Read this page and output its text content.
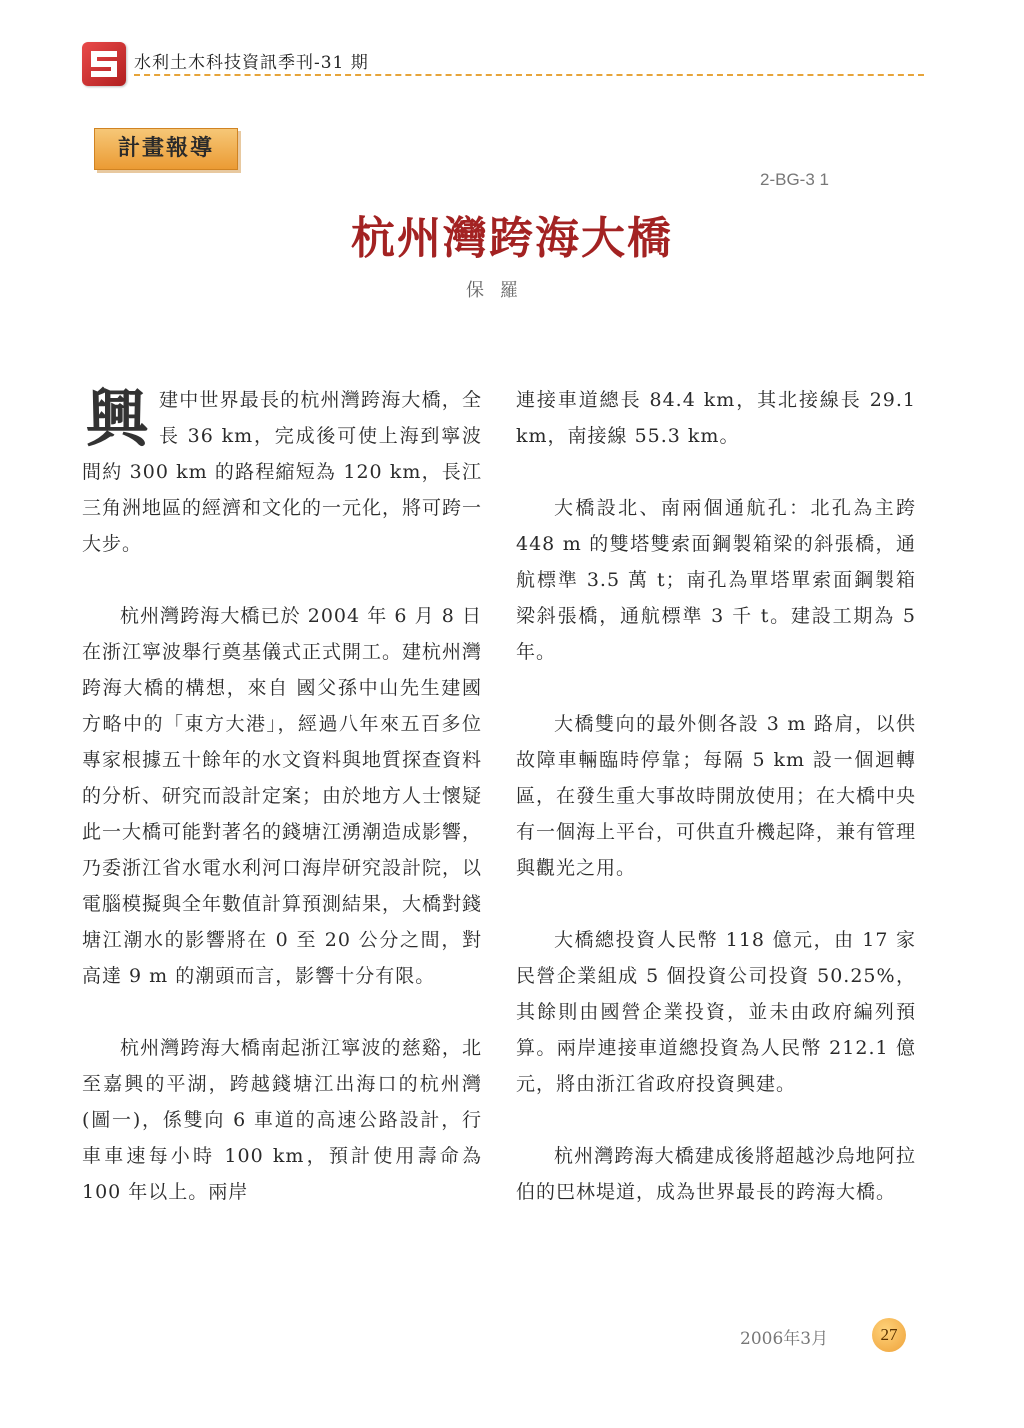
水利土木科技資訊季刊-31 期
計畫報導
2-BG-3 1
杭州灣跨海大橋
保羅

興 建中世界最長的杭州灣跨海大橋，全長 36 km，完成後可使上海到寧波間約 300 km 的路程縮短為 120 km，長江三角洲地區的經濟和文化的一元化，將可跨一大步。

杭州灣跨海大橋已於 2004 年 6 月 8 日在浙江寧波舉行奠基儀式正式開工。建杭州灣跨海大橋的構想，來自 國父孫中山先生建國方略中的「東方大港」，經過八年來五百多位專家根據五十餘年的水文資料與地質探查資料的分析、研究而設計定案；由於地方人士懷疑此一大橋可能對著名的錢塘江湧潮造成影響，乃委浙江省水電水利河口海岸研究設計院，以電腦模擬與全年數值計算預測結果，大橋對錢塘江潮水的影響將在 0 至 20 公分之間，對高達 9 m 的潮頭而言，影響十分有限。

杭州灣跨海大橋南起浙江寧波的慈谿，北至嘉興的平湖，跨越錢塘江出海口的杭州灣(圖一)，係雙向 6 車道的高速公路設計，行車車速每小時 100 km，預計使用壽命為 100 年以上。兩岸

連接車道總長 84.4 km，其北接線長 29.1 km，南接線 55.3 km。

大橋設北、南兩個通航孔：北孔為主跨 448 m 的雙塔雙索面鋼製箱梁的斜張橋，通航標準 3.5 萬 t；南孔為單塔單索面鋼製箱梁斜張橋，通航標準 3 千 t。建設工期為 5 年。

大橋雙向的最外側各設 3 m 路肩，以供故障車輛臨時停靠；每隔 5 km 設一個迴轉區，在發生重大事故時開放使用；在大橋中央有一個海上平台，可供直升機起降，兼有管理與觀光之用。

大橋總投資人民幣 118 億元，由 17 家民營企業組成 5 個投資公司投資 50.25%，其餘則由國營企業投資，並未由政府編列預算。兩岸連接車道總投資為人民幣 212.1 億元，將由浙江省政府投資興建。

杭州灣跨海大橋建成後將超越沙烏地阿拉伯的巴林堤道，成為世界最長的跨海大橋。

2006年3月	27
